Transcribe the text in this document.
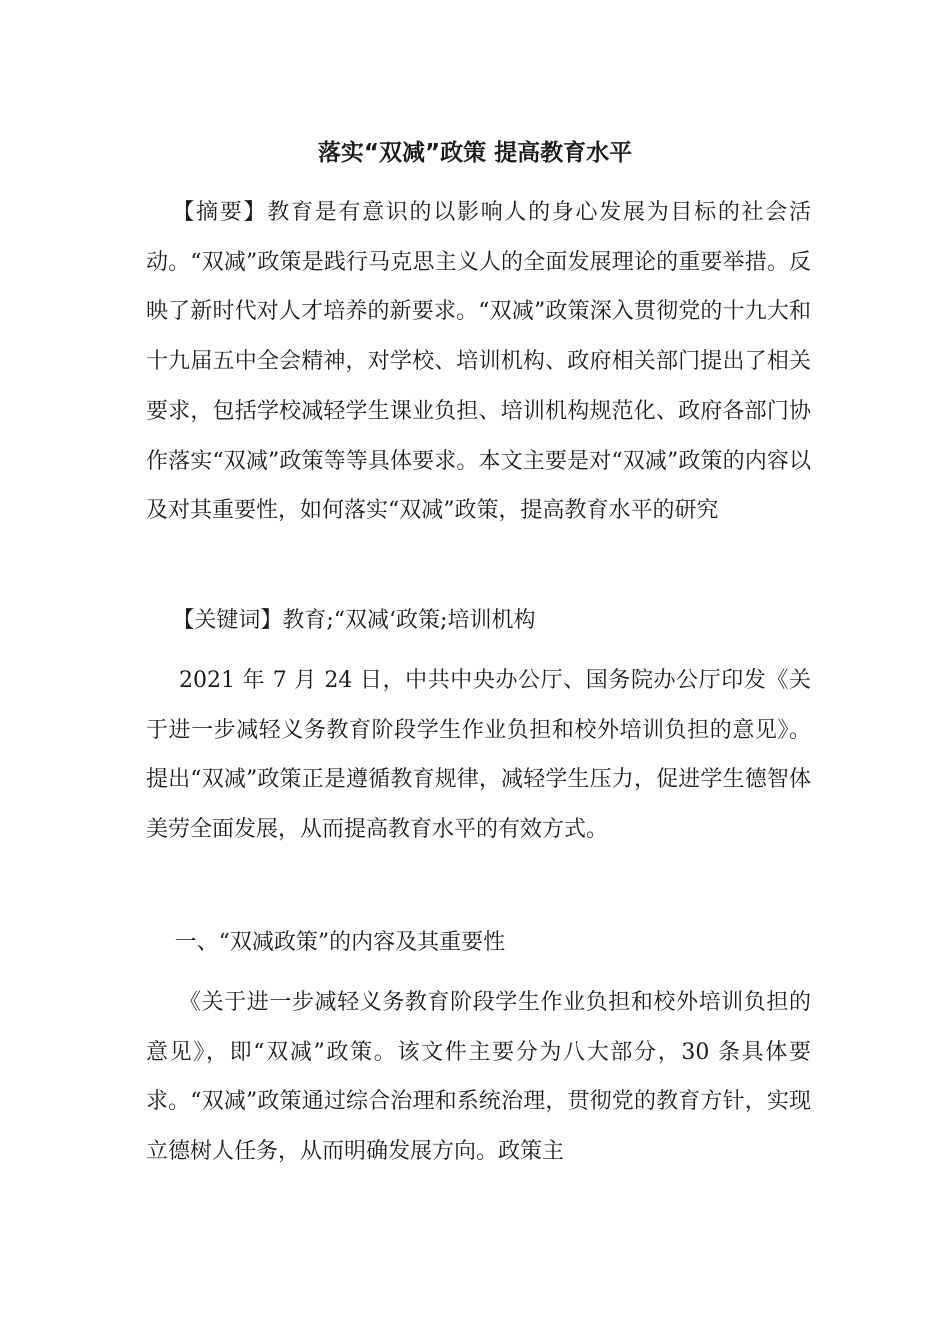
落实“双减”政策 提高教育水平

【摘要】教育是有意识的以影响人的身心发展为目标的社会活动。“双减”政策是践行马克思主义人的全面发展理论的重要举措。反映了新时代对人才培养的新要求。“双减”政策深入贯彻党的十九大和十九届五中全会精神，对学校、培训机构、政府相关部门提出了相关要求，包括学校减轻学生课业负担、培训机构规范化、政府各部门协作落实“双减”政策等等具体要求。本文主要是对“双减”政策的内容以及对其重要性，如何落实“双减”政策，提高教育水平的研究

【关键词】教育;“双减‘政策;培训机构

2021 年 7 月 24 日，中共中央办公厅、国务院办公厅印发《关于进一步减轻义务教育阶段学生作业负担和校外培训负担的意见》。提出“双减”政策正是遵循教育规律，减轻学生压力，促进学生德智体美劳全面发展，从而提高教育水平的有效方式。

一、“双减政策”的内容及其重要性

《关于进一步减轻义务教育阶段学生作业负担和校外培训负担的意见》，即“双减”政策。该文件主要分为八大部分，30 条具体要求。“双减”政策通过综合治理和系统治理，贯彻党的教育方针，实现立德树人任务，从而明确发展方向。政策主
